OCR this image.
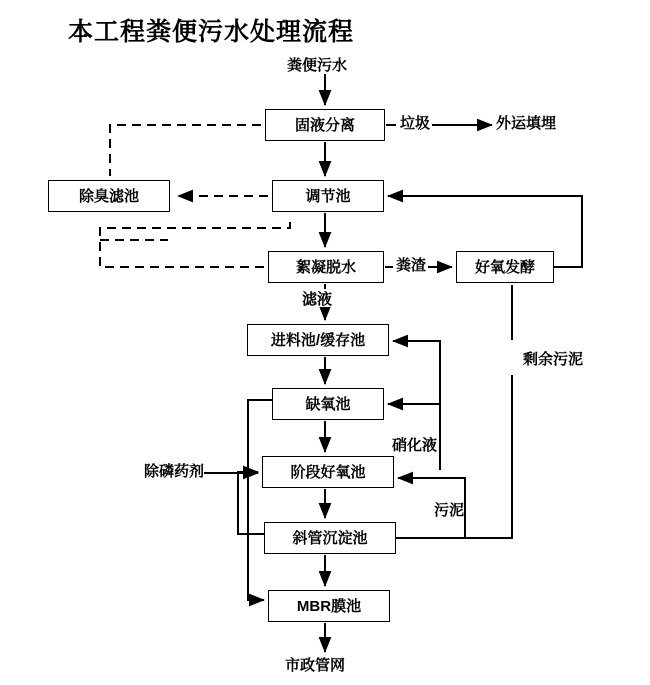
本工程粪便污水处理流程
固液分离
除臭滤池	调节池
絮凝脱水	好氧发酵
进料池/缓存池
缺氧池
阶段好氧池
斜管沉淀池
MBR膜池
粪便污水
垃圾	外运填埋
粪渣
滤液
剩余污泥
硝化液
除磷药剂
污泥
市政管网
